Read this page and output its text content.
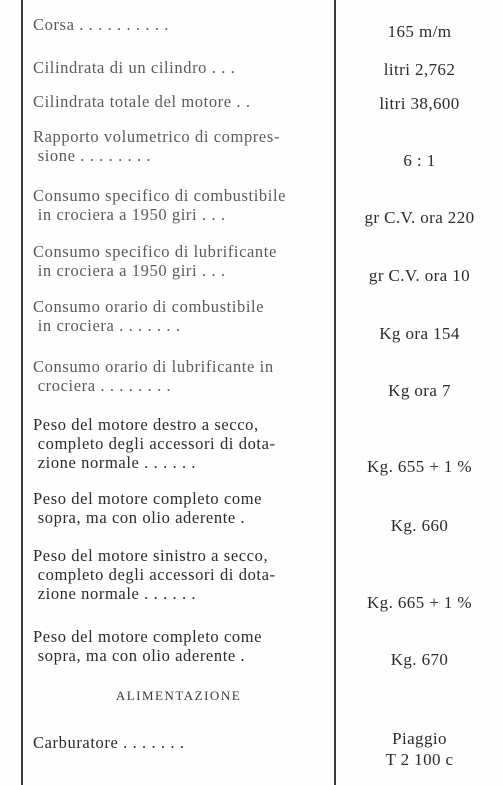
Corsa . . . . . . . . . .	165 m/m
Cilindrata di un cilindro . . .	litri 2,762
Cilindrata totale del motore . .	litri 38,600
Rapporto volumetrico di compres-
sione . . . . . . . .	6 : 1
Consumo specifico di combustibile
in crociera a 1950 giri . . .	gr C.V. ora 220
Consumo specifico di lubrificante
in crociera a 1950 giri . . .	gr C.V. ora 10
Consumo orario di combustibile
in crociera . . . . . . .	Kg ora 154
Consumo orario di lubrificante in
crociera . . . . . . . .	Kg ora 7
Peso del motore destro a secco,
completo degli accessori di dota-
zione normale . . . . . .	Kg. 655 + 1 %
Peso del motore completo come
sopra, ma con olio aderente .	Kg. 660
Peso del motore sinistro a secco,
completo degli accessori di dota-
zione normale . . . . . .	Kg. 665 + 1 %
Peso del motore completo come
sopra, ma con olio aderente .	Kg. 670
ALIMENTAZIONE
Carburatore . . . . . . .	Piaggio
T 2 100 c
